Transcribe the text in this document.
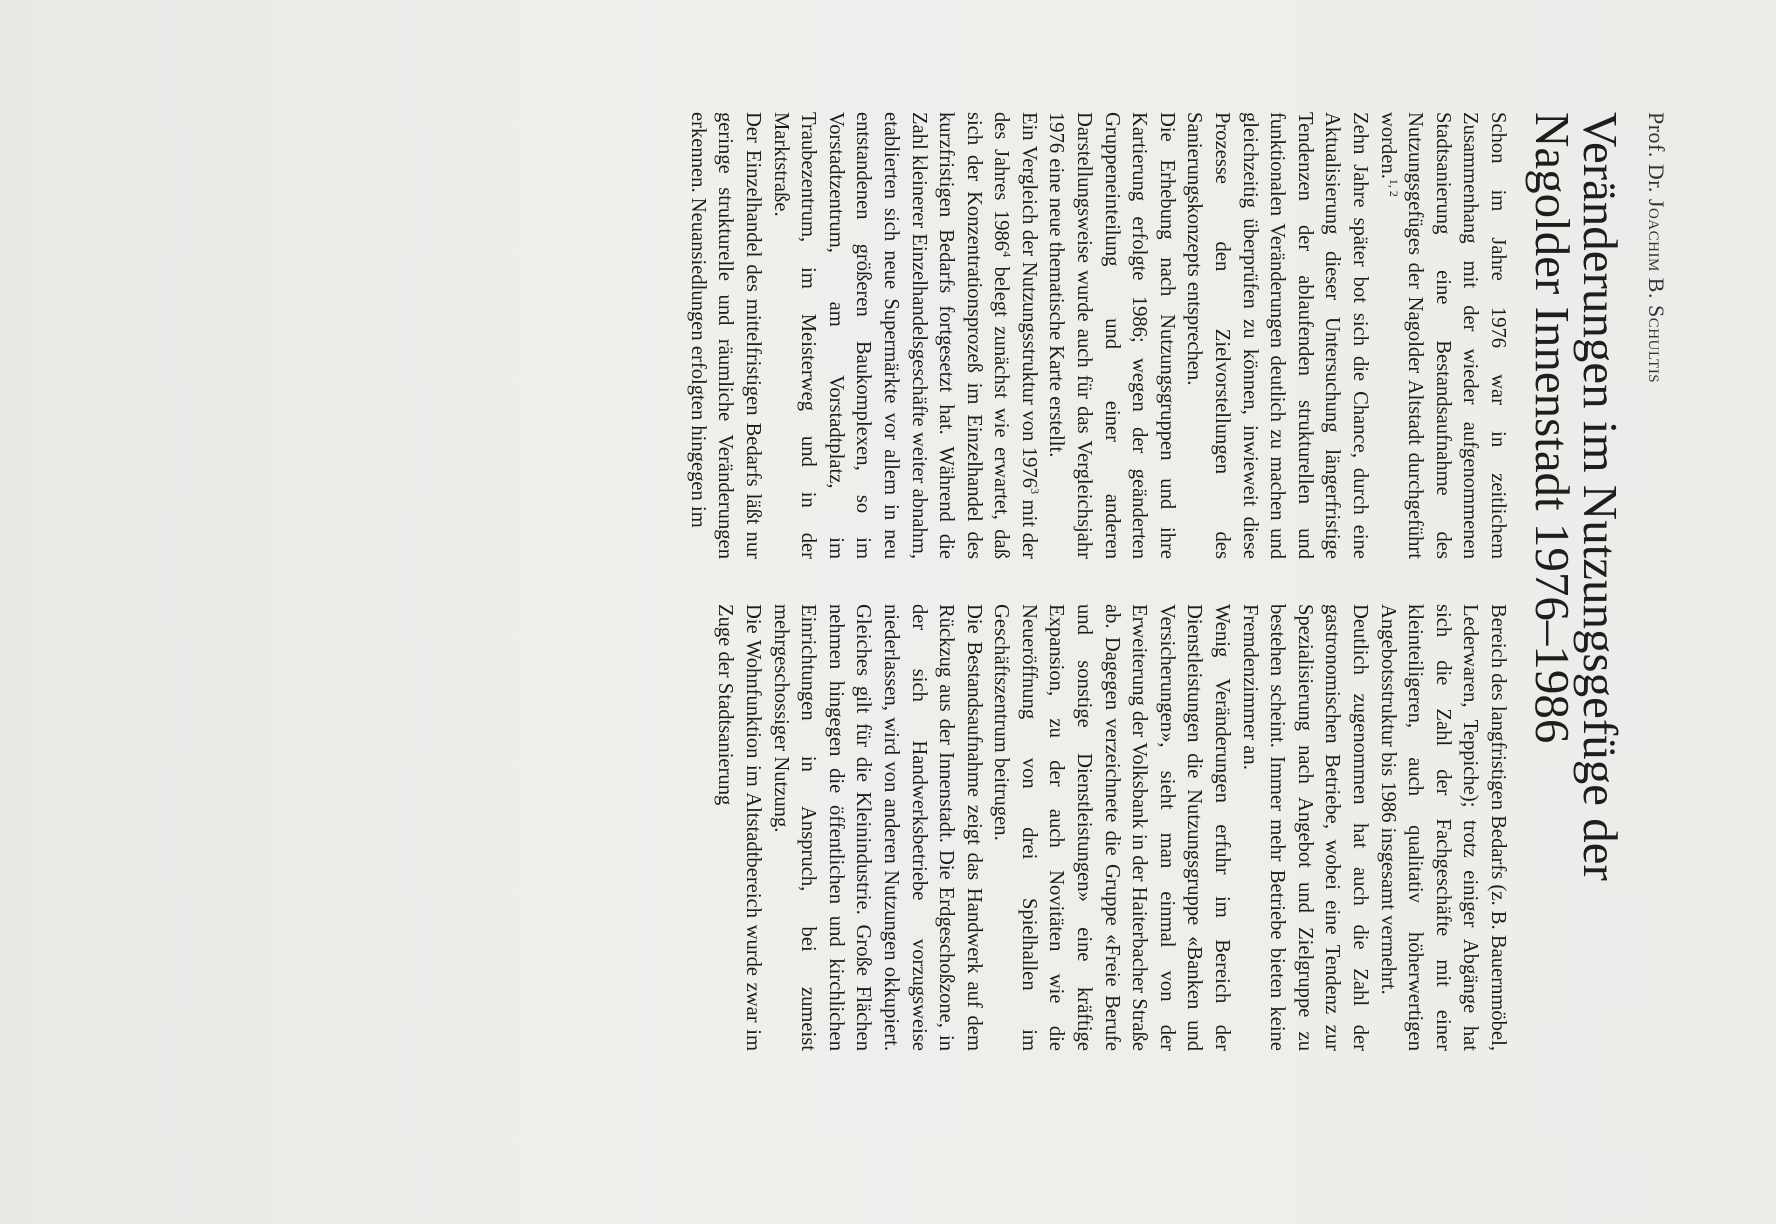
Prof. Dr. Joachim B. Schultis
Veränderungen im Nutzungsgefüge der Nagolder Innenstadt 1976–1986

Schon im Jahre 1976 war in zeitlichem Zusammenhang mit der wieder aufgenommenen Stadtsanierung eine Bestandsaufnahme des Nutzungsgefüges der Nagolder Altstadt durchgeführt worden.$^{1, 2}$

Zehn Jahre später bot sich die Chance, durch eine Aktualisierung dieser Untersuchung längerfristige Tendenzen der ablaufenden strukturellen und funktionalen Veränderungen deutlich zu machen und gleichzeitig überprüfen zu können, inwieweit diese Prozesse den Zielvorstellungen des Sanierungskonzepts entsprechen.

Die Erhebung nach Nutzungsgruppen und ihre Kartierung erfolgte 1986; wegen der geänderten Gruppeneinteilung und einer anderen Darstellungsweise wurde auch für das Vergleichsjahr 1976 eine neue thematische Karte erstellt.

Ein Vergleich der Nutzungsstruktur von 1976$^3$ mit der des Jahres 1986$^4$ belegt zunächst wie erwartet, daß sich der Konzentrationsprozeß im Einzelhandel des kurzfristigen Bedarfs fortgesetzt hat. Während die Zahl kleinerer Einzelhandelsgeschäfte weiter abnahm, etablierten sich neue Supermärkte vor allem in neu entstandenen größeren Baukomplexen, so im Vorstadtzentrum, am Vorstadtplatz, im Traubezentrum, im Meisterweg und in der Marktstraße.

Der Einzelhandel des mittelfristigen Bedarfs läßt nur geringe strukturelle und räumliche Veränderungen erkennen. Neuansiedlungen erfolgten hingegen im

Bereich des langfristigen Bedarfs (z. B. Bauernmöbel, Lederwaren, Teppiche); trotz einiger Abgänge hat sich die Zahl der Fachgeschäfte mit einer kleinteiligeren, auch qualitativ höherwertigen Angebotsstruktur bis 1986 insgesamt vermehrt.

Deutlich zugenommen hat auch die Zahl der gastronomischen Betriebe, wobei eine Tendenz zur Spezialisierung nach Angebot und Zielgruppe zu bestehen scheint. Immer mehr Betriebe bieten keine Fremdenzimmer an.

Wenig Veränderungen erfuhr im Bereich der Dienstleistungen die Nutzungsgruppe «Banken und Versicherungen», sieht man einmal von der Erweiterung der Volksbank in der Haiterbacher Straße ab. Dagegen verzeichnete die Gruppe «Freie Berufe und sonstige Dienstleistungen» eine kräftige Expansion, zu der auch Novitäten wie die Neueröffnung von drei Spielhallen im Geschäftszentrum beitrugen.

Die Bestandsaufnahme zeigt das Handwerk auf dem Rückzug aus der Innenstadt. Die Erdgeschoßzone, in der sich Handwerksbetriebe vorzugsweise niederlassen, wird von anderen Nutzungen okkupiert. Gleiches gilt für die Kleinindustrie. Große Flächen nehmen hingegen die öffentlichen und kirchlichen Einrichtungen in Anspruch, bei zumeist mehrgeschossiger Nutzung.

Die Wohnfunktion im Altstadtbereich wurde zwar im Zuge der Stadtsanierung
